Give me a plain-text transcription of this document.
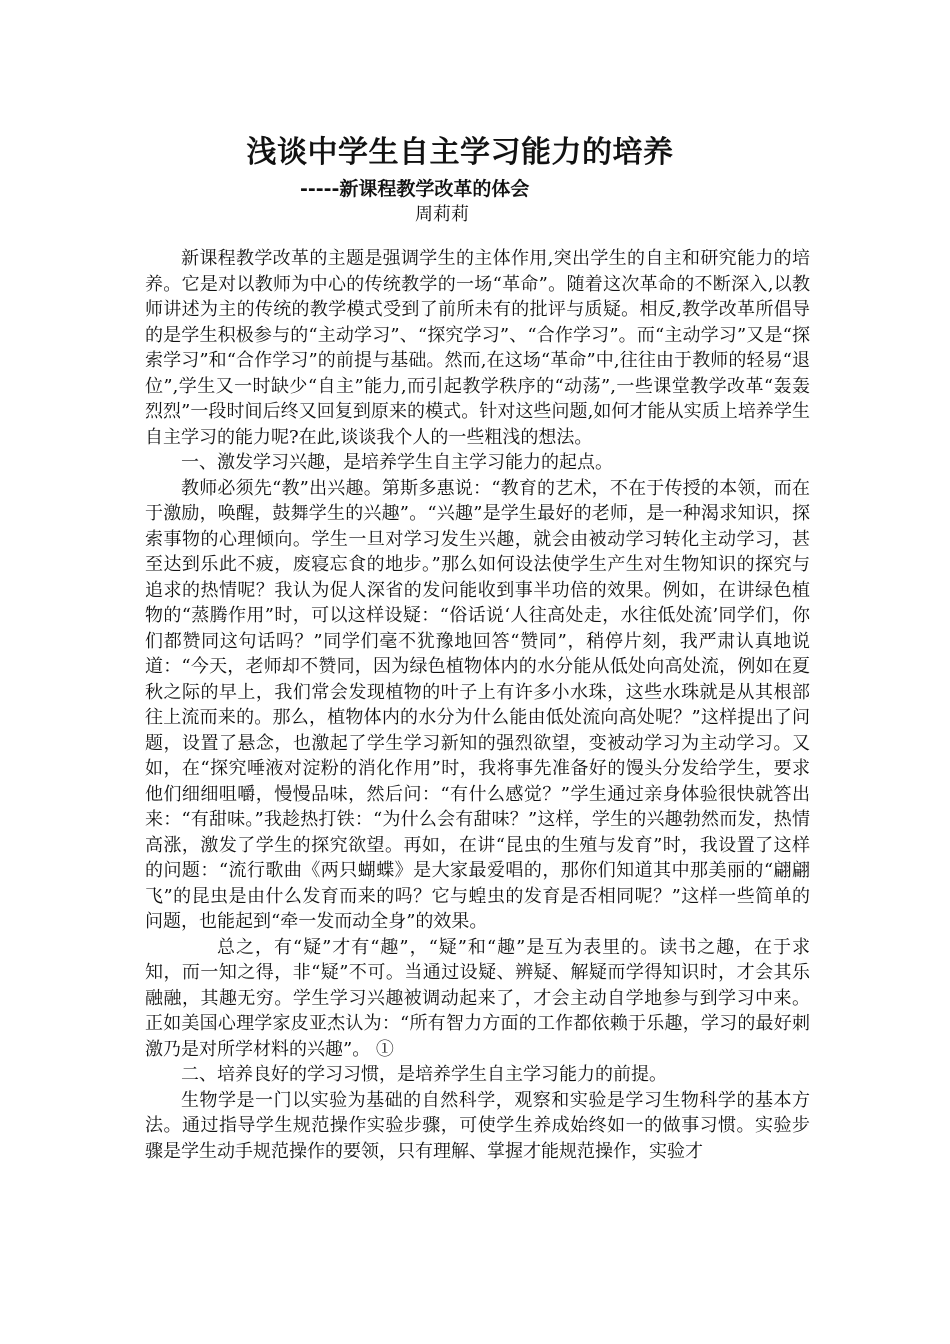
浅谈中学生自主学习能力的培养
-----新课程教学改革的体会
周莉莉

新课程教学改革的主题是强调学生的主体作用,突出学生的自主和研究能力的培养。它是对以教师为中心的传统教学的一场“革命”。随着这次革命的不断深入,以教师讲述为主的传统的教学模式受到了前所未有的批评与质疑。相反,教学改革所倡导的是学生积极参与的“主动学习”、“探究学习”、“合作学习”。而“主动学习”又是“探索学习”和“合作学习”的前提与基础。然而,在这场“革命”中,往往由于教师的轻易“退位”,学生又一时缺少“自主”能力,而引起教学秩序的“动荡”,一些课堂教学改革“轰轰烈烈”一段时间后终又回复到原来的模式。针对这些问题,如何才能从实质上培养学生自主学习的能力呢?在此,谈谈我个人的一些粗浅的想法。

一、激发学习兴趣，是培养学生自主学习能力的起点。

教师必须先“教”出兴趣。第斯多惠说：“教育的艺术，不在于传授的本领，而在于激励，唤醒，鼓舞学生的兴趣”。“兴趣”是学生最好的老师，是一种渴求知识，探索事物的心理倾向。学生一旦对学习发生兴趣，就会由被动学习转化主动学习，甚至达到乐此不疲，废寝忘食的地步。”那么如何设法使学生产生对生物知识的探究与追求的热情呢？我认为促人深省的发问能收到事半功倍的效果。例如，在讲绿色植物的“蒸腾作用”时，可以这样设疑：“俗话说‘人往高处走，水往低处流’同学们，你们都赞同这句话吗？”同学们毫不犹豫地回答“赞同”，稍停片刻，我严肃认真地说道：“今天，老师却不赞同，因为绿色植物体内的水分能从低处向高处流，例如在夏秋之际的早上，我们常会发现植物的叶子上有许多小水珠，这些水珠就是从其根部往上流而来的。那么，植物体内的水分为什么能由低处流向高处呢？”这样提出了问题，设置了悬念，也激起了学生学习新知的强烈欲望，变被动学习为主动学习。又如，在“探究唾液对淀粉的消化作用”时，我将事先准备好的馒头分发给学生，要求他们细细咀嚼，慢慢品味，然后问：“有什么感觉？”学生通过亲身体验很快就答出来：“有甜味。”我趁热打铁：“为什么会有甜味？”这样，学生的兴趣勃然而发，热情高涨，激发了学生的探究欲望。再如，在讲“昆虫的生殖与发育”时，我设置了这样的问题：“流行歌曲《两只蝴蝶》是大家最爱唱的，那你们知道其中那美丽的“翩翩飞”的昆虫是由什么发育而来的吗？它与蝗虫的发育是否相同呢？”这样一些简单的问题，也能起到“牵一发而动全身”的效果。

总之，有“疑”才有“趣”，“疑”和“趣”是互为表里的。读书之趣，在于求知，而一知之得，非“疑”不可。当通过设疑、辨疑、解疑而学得知识时，才会其乐融融，其趣无穷。学生学习兴趣被调动起来了，才会主动自学地参与到学习中来。正如美国心理学家皮亚杰认为：“所有智力方面的工作都依赖于乐趣，学习的最好刺激乃是对所学材料的兴趣”。 ①

二、培养良好的学习习惯，是培养学生自主学习能力的前提。

生物学是一门以实验为基础的自然科学，观察和实验是学习生物科学的基本方法。通过指导学生规范操作实验步骤，可使学生养成始终如一的做事习惯。实验步骤是学生动手规范操作的要领，只有理解、掌握才能规范操作，实验才
